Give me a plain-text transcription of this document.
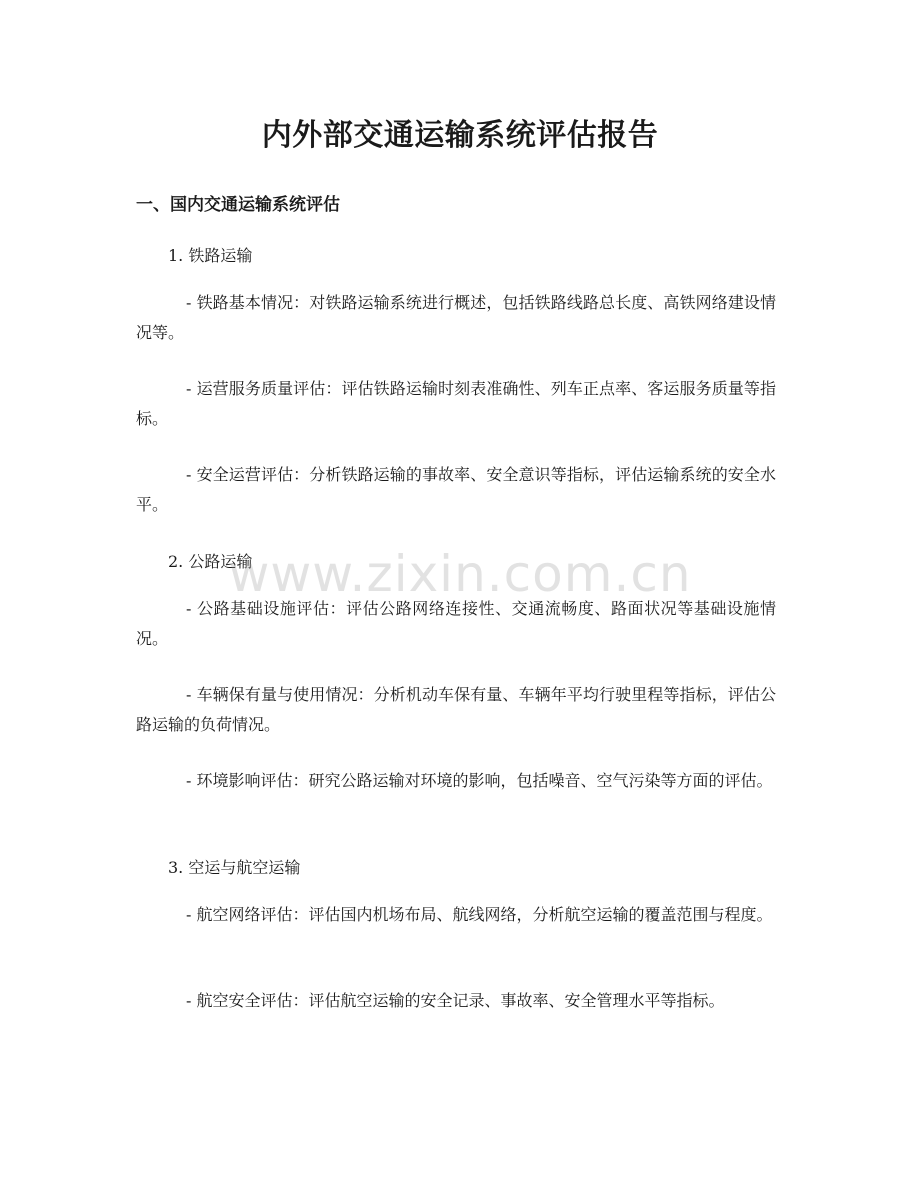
内外部交通运输系统评估报告
一、国内交通运输系统评估

1. 铁路运输

- 铁路基本情况：对铁路运输系统进行概述，包括铁路线路总长度、高铁网络建设情况等。

- 运营服务质量评估：评估铁路运输时刻表准确性、列车正点率、客运服务质量等指标。

- 安全运营评估：分析铁路运输的事故率、安全意识等指标，评估运输系统的安全水平。

2. 公路运输

- 公路基础设施评估：评估公路网络连接性、交通流畅度、路面状况等基础设施情况。

- 车辆保有量与使用情况：分析机动车保有量、车辆年平均行驶里程等指标，评估公路运输的负荷情况。

- 环境影响评估：研究公路运输对环境的影响，包括噪音、空气污染等方面的评估。

3. 空运与航空运输

- 航空网络评估：评估国内机场布局、航线网络，分析航空运输的覆盖范围与程度。

- 航空安全评估：评估航空运输的安全记录、事故率、安全管理水平等指标。

www.zixin.com.cn
